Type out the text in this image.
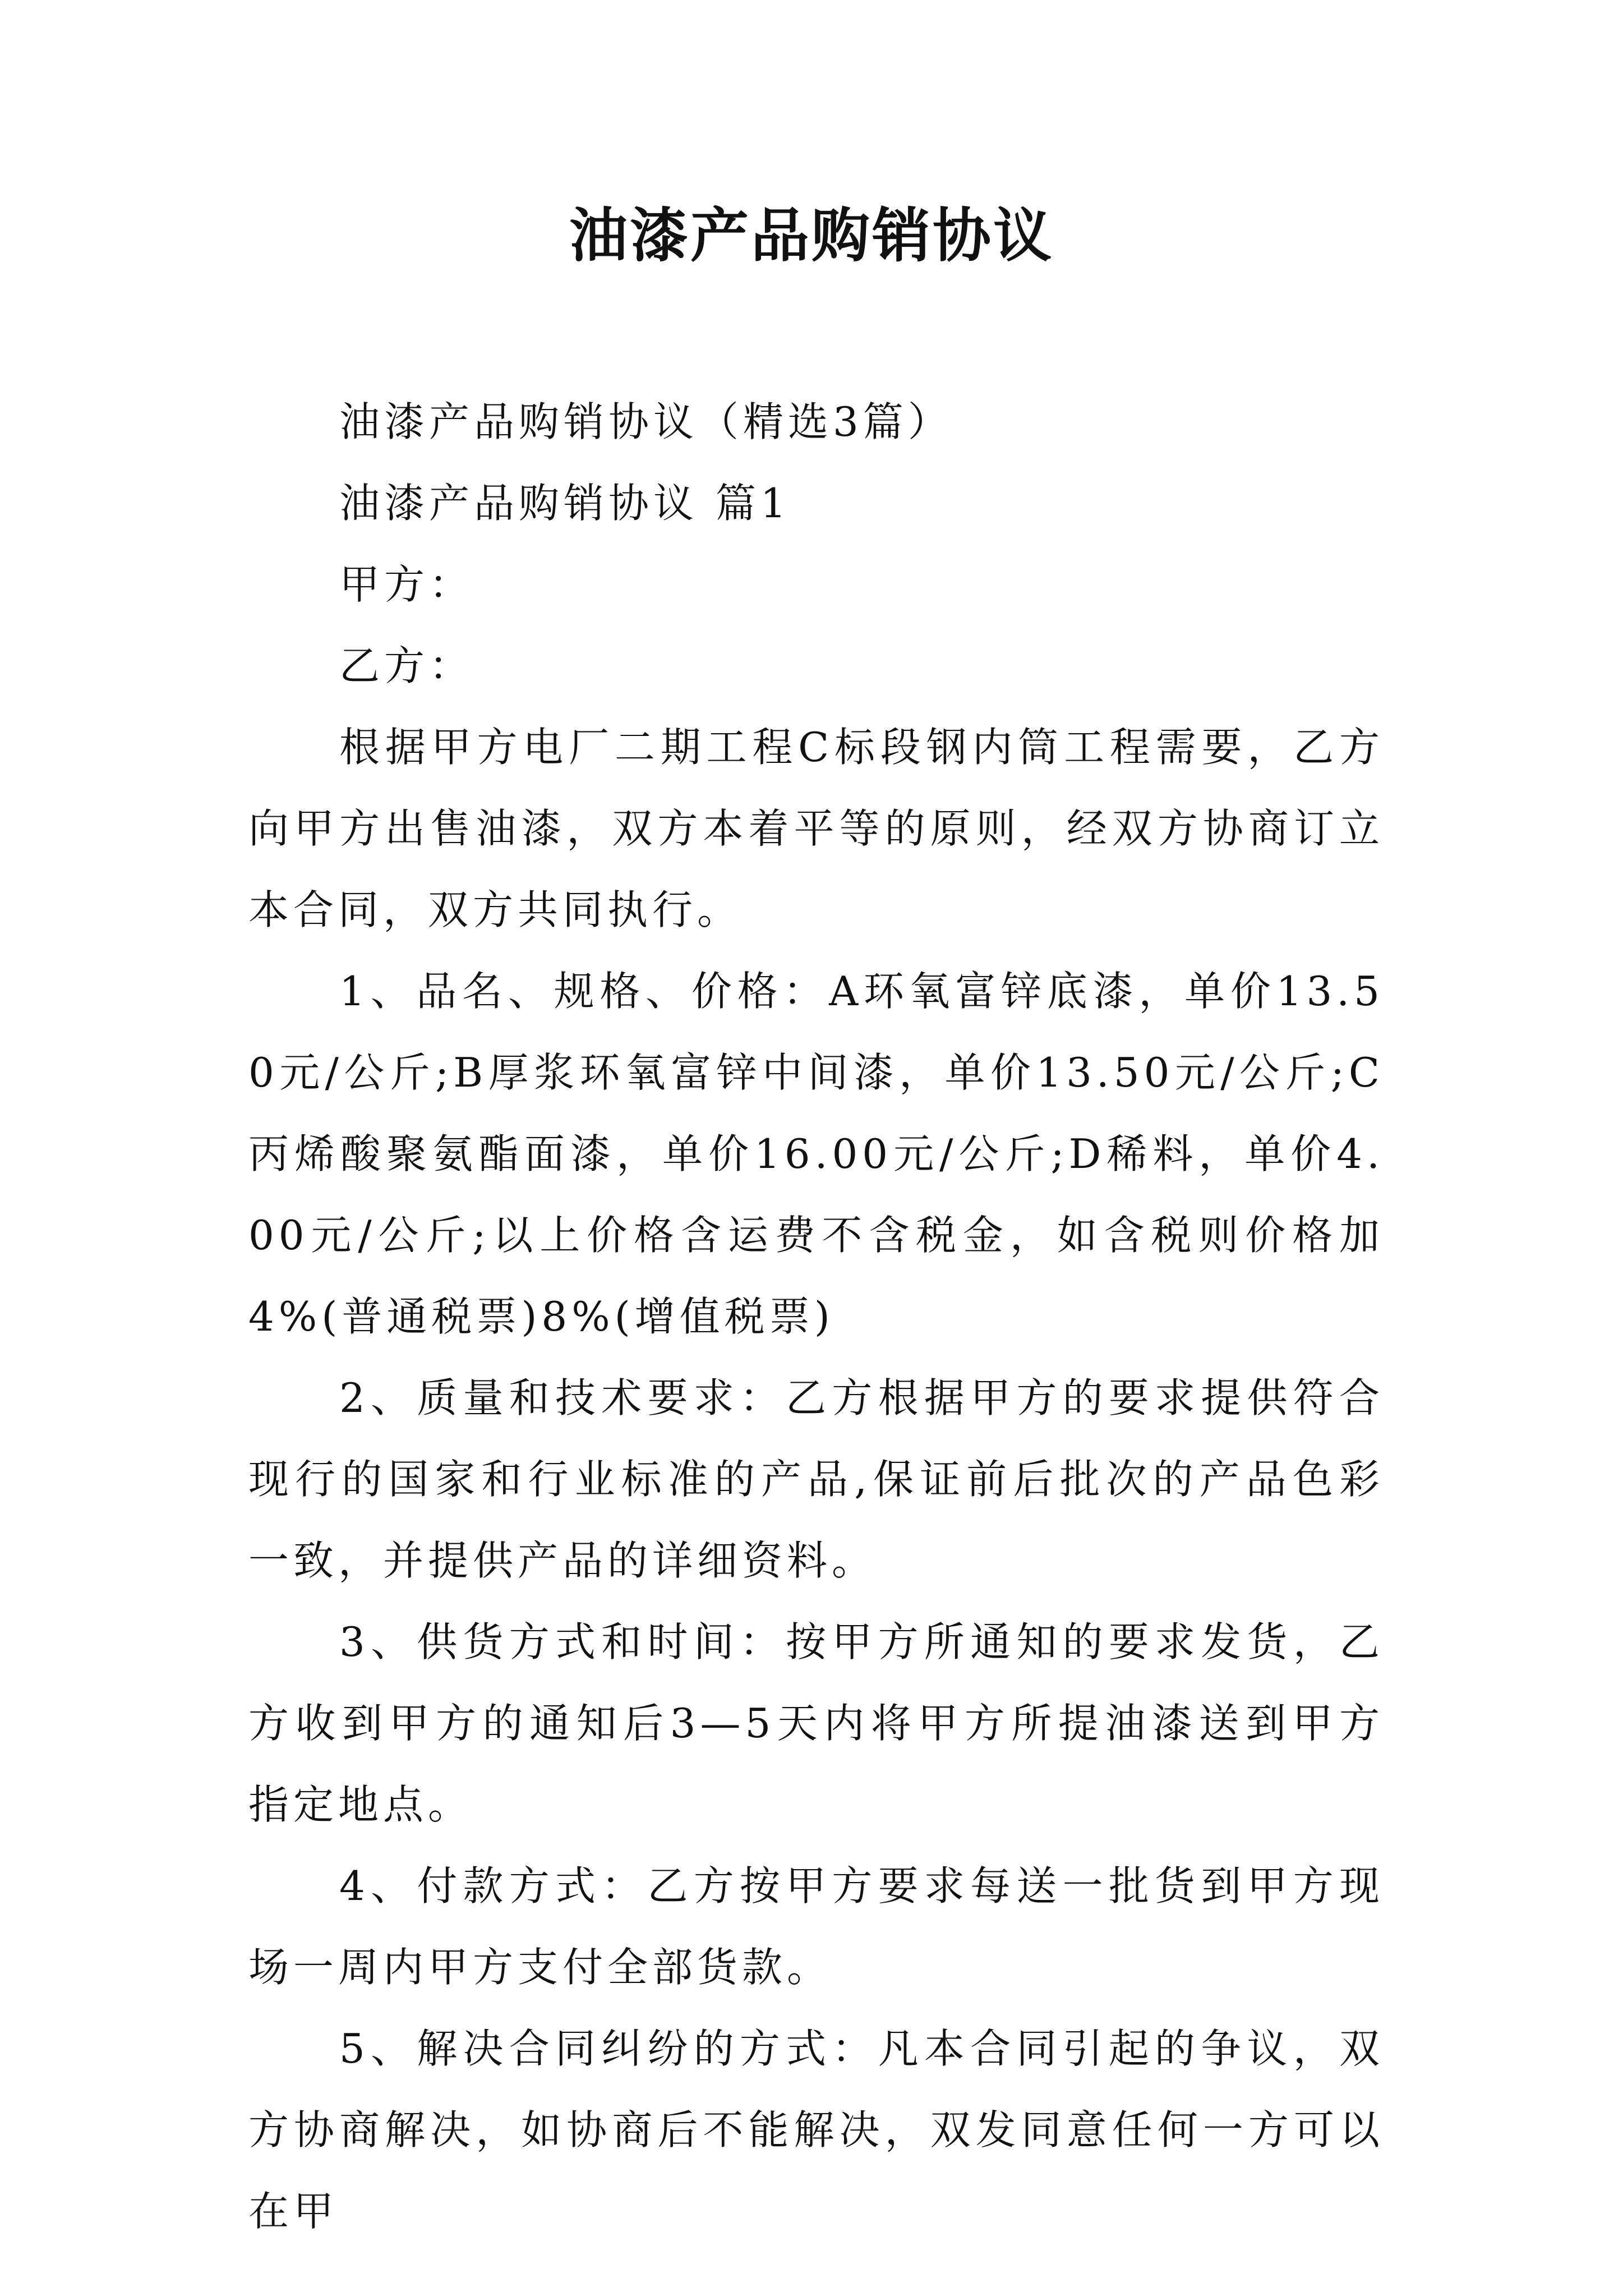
油漆产品购销协议

油漆产品购销协议（精选3篇）

油漆产品购销协议 篇1

甲方：

乙方：

根据甲方电厂二期工程C标段钢内筒工程需要，乙方向甲方出售油漆，双方本着平等的原则，经双方协商订立本合同，双方共同执行。

1、品名、规格、价格：A环氧富锌底漆，单价13.50元/公斤;B厚浆环氧富锌中间漆，单价13.50元/公斤;C丙烯酸聚氨酯面漆，单价16.00元/公斤;D稀料，单价4.00元/公斤;以上价格含运费不含税金，如含税则价格加4%(普通税票)8%(增值税票)

2、质量和技术要求：乙方根据甲方的要求提供符合现行的国家和行业标准的产品,保证前后批次的产品色彩一致，并提供产品的详细资料。

3、供货方式和时间：按甲方所通知的要求发货，乙方收到甲方的通知后3—5天内将甲方所提油漆送到甲方指定地点。

4、付款方式：乙方按甲方要求每送一批货到甲方现场一周内甲方支付全部货款。

5、解决合同纠纷的方式：凡本合同引起的争议，双方协商解决，如协商后不能解决，双发同意任何一方可以在甲
